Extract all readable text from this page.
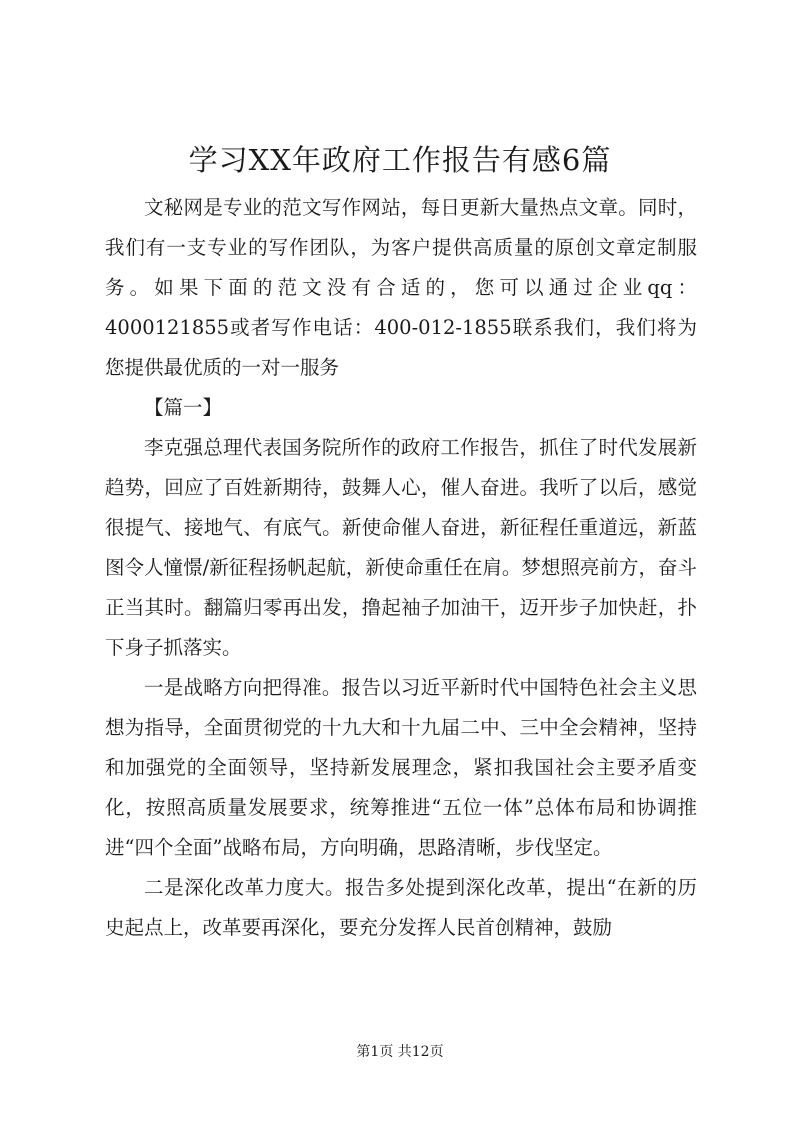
学习XX年政府工作报告有感6篇

文秘网是专业的范文写作网站，每日更新大量热点文章。同时，我们有一支专业的写作团队，为客户提供高质量的原创文章定制服务。如果下面的范文没有合适的，您可以通过企业qq：4000121855或者写作电话：400-012-1855联系我们，我们将为您提供最优质的一对一服务

【篇一】

李克强总理代表国务院所作的政府工作报告，抓住了时代发展新趋势，回应了百姓新期待，鼓舞人心，催人奋进。我听了以后，感觉很提气、接地气、有底气。新使命催人奋进，新征程任重道远，新蓝图令人憧憬/新征程扬帆起航，新使命重任在肩。梦想照亮前方，奋斗正当其时。翻篇归零再出发，撸起袖子加油干，迈开步子加快赶，扑下身子抓落实。

一是战略方向把得准。报告以习近平新时代中国特色社会主义思想为指导，全面贯彻党的十九大和十九届二中、三中全会精神，坚持和加强党的全面领导，坚持新发展理念，紧扣我国社会主要矛盾变化，按照高质量发展要求，统筹推进“五位一体”总体布局和协调推进“四个全面”战略布局，方向明确，思路清晰，步伐坚定。

二是深化改革力度大。报告多处提到深化改革，提出“在新的历史起点上，改革要再深化，要充分发挥人民首创精神，鼓励

第1页 共12页
